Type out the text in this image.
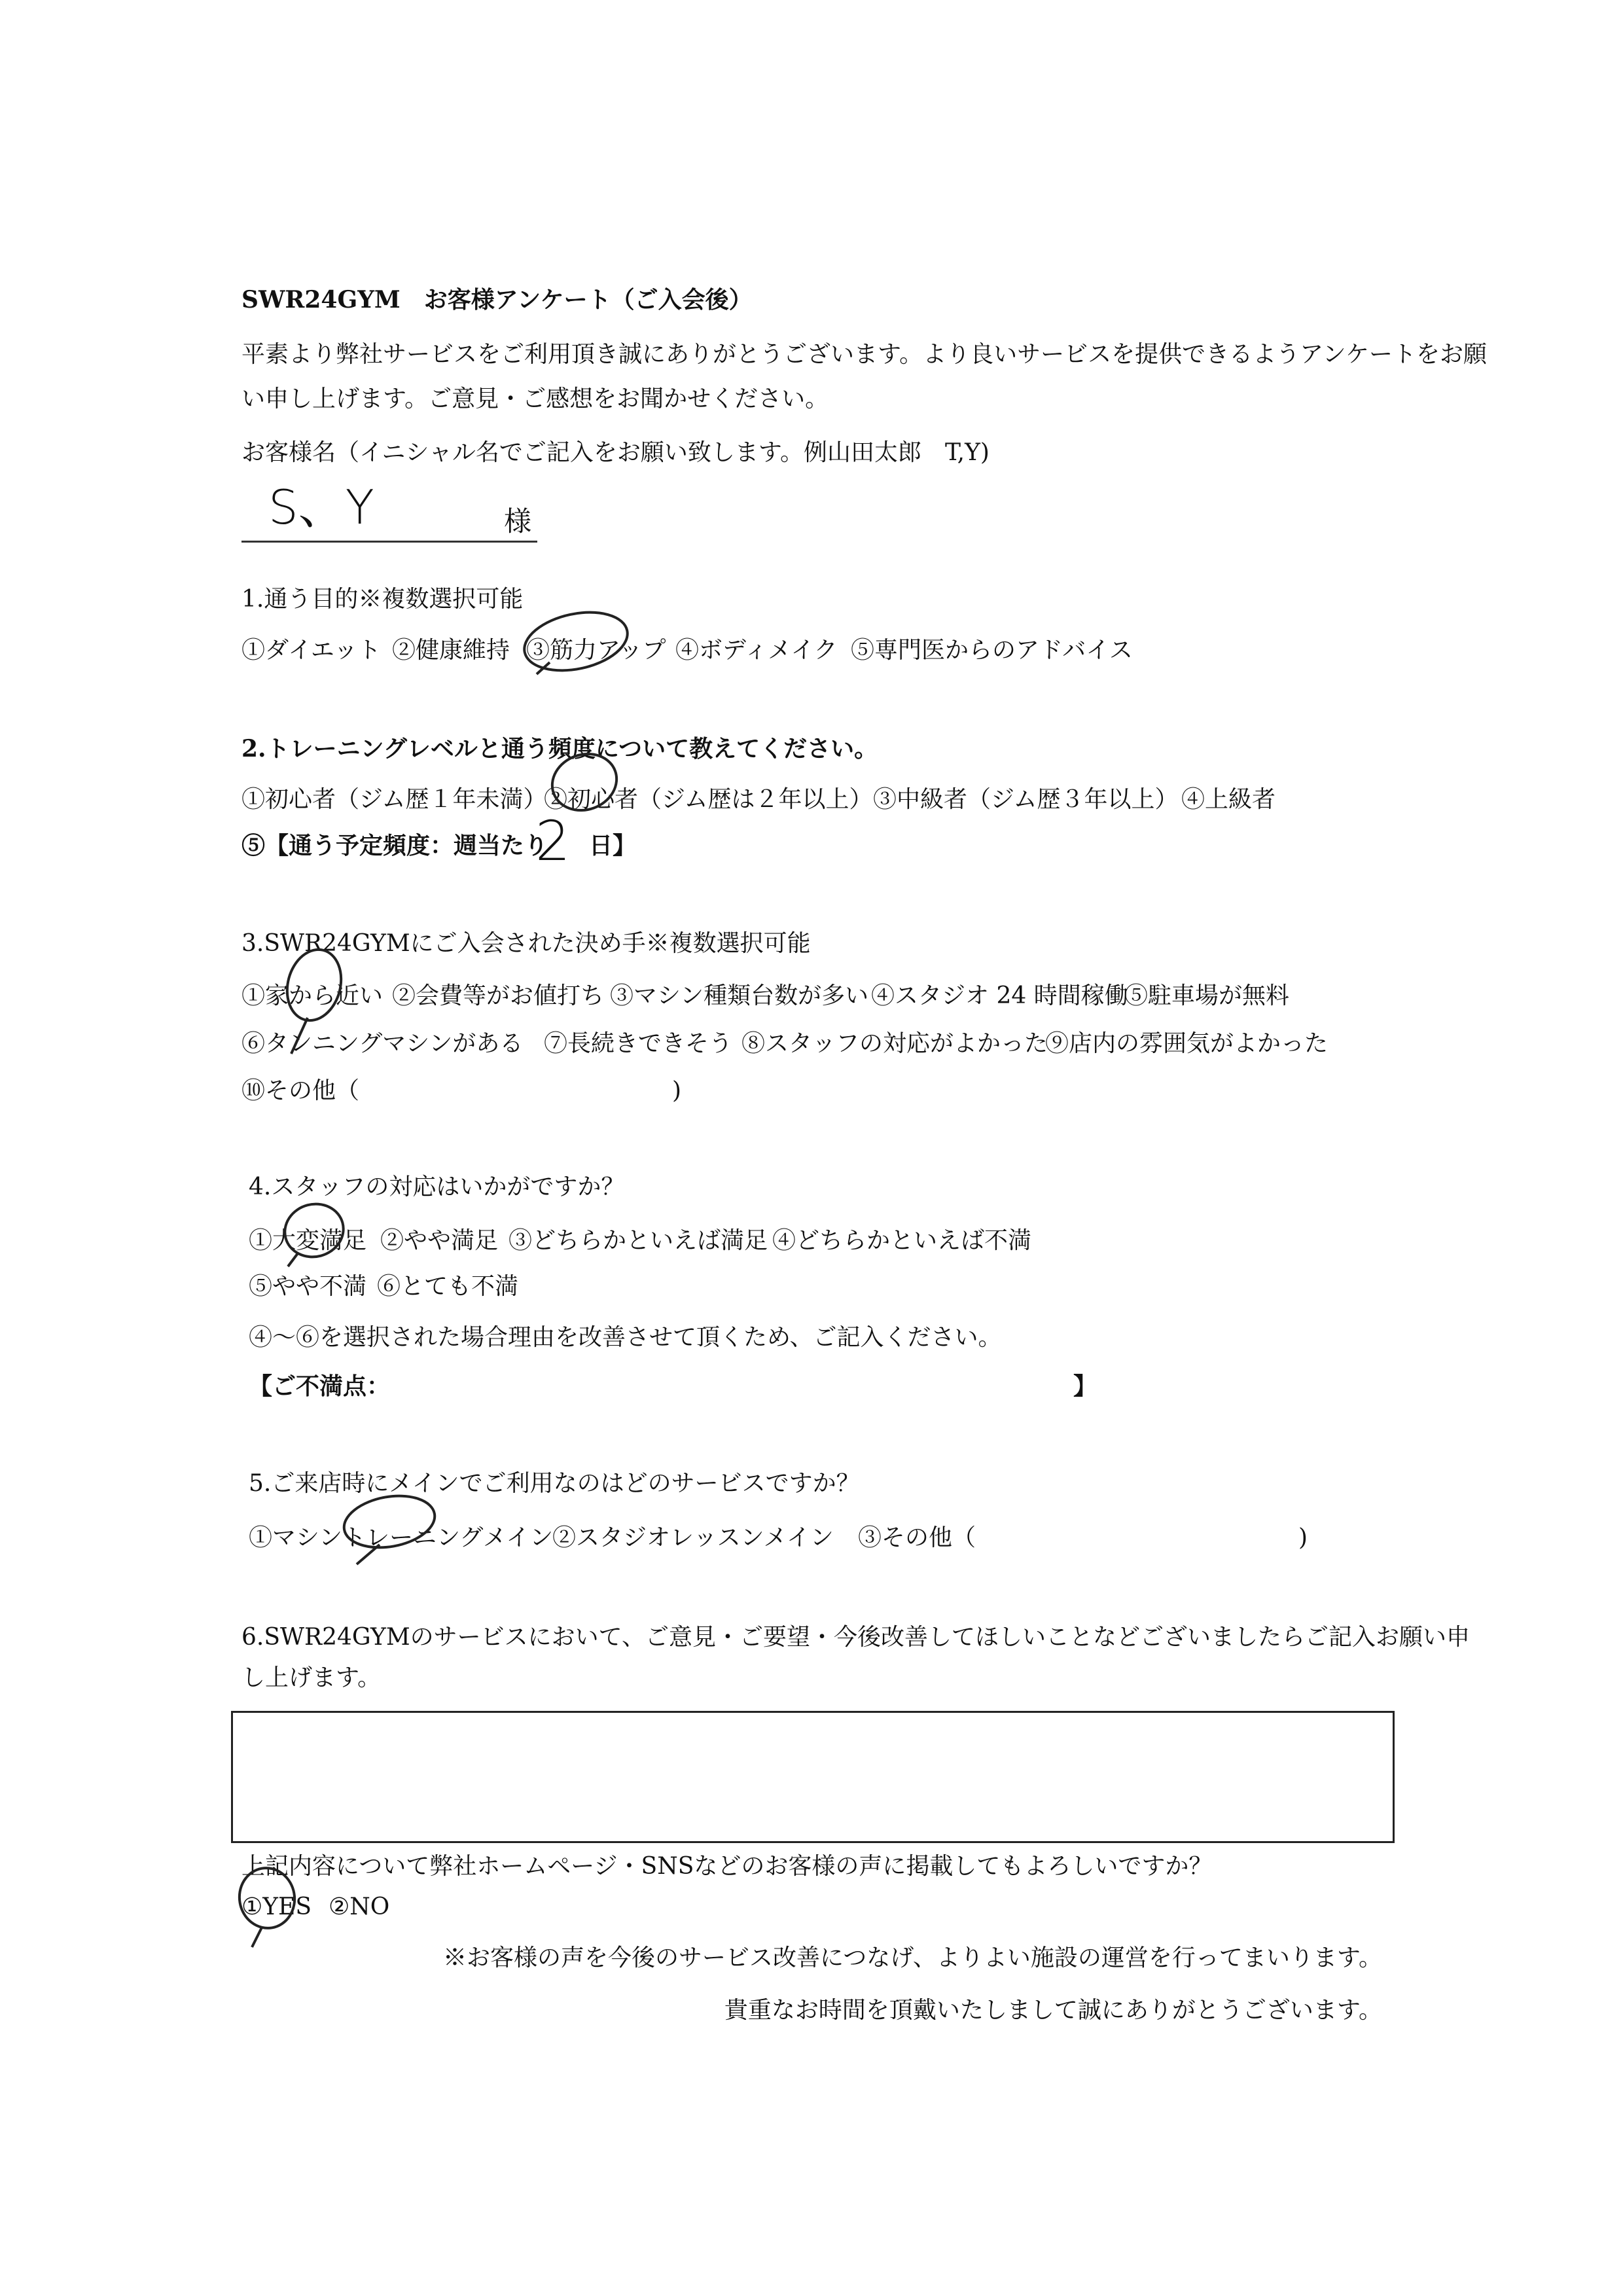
SWR24GYM　お客様アンケート（ご入会後）
平素より弊社サービスをご利用頂き誠にありがとうございます。より良いサービスを提供できるようアンケートをお願
い申し上げます。ご意見・ご感想をお聞かせください。
お客様名（イニシャル名でご記入をお願い致します。例山田太郎　T,Y)
S、Y	様
1.通う目的※複数選択可能
①ダイエット ②健康維持 ③筋力アップ ④ボディメイク ⑤専門医からのアドバイス
2.トレーニングレベルと通う頻度について教えてください。
①初心者（ジム歴１年未満）
②初心者（ジム歴は２年以上） ③中級者（ジム歴３年以上） ④上級者
⑤【通う予定頻度：週当たり
2 日】
3.SWR24GYMにご入会された決め手※複数選択可能
①家から近い ②会費等がお値打ち ③マシン種類台数が多い ④スタジオ 24 時間稼働
⑤駐車場が無料
⑥タンニングマシンがある ⑦長続きできそう ⑧スタッフの対応がよかった
⑨店内の雰囲気がよかった
⑩その他（	)
4.スタッフの対応はいかがですか？
①大変満足 ②やや満足 ③どちらかといえば満足 ④どちらかといえば不満
⑤やや不満 ⑥とても不満
④～⑥を選択された場合理由を改善させて頂くため、ご記入ください。
【ご不満点：	】
5.ご来店時にメインでご利用なのはどのサービスですか？
①マシントレーニングメイン
②スタジオレッスンメイン ③その他（	)
6.SWR24GYMのサービスにおいて、ご意見・ご要望・今後改善してほしいことなどございましたらご記入お願い申
し上げます。
上記内容について弊社ホームページ・SNSなどのお客様の声に掲載してもよろしいですか？
①YES ②NO
※お客様の声を今後のサービス改善につなげ、よりよい施設の運営を行ってまいります。
貴重なお時間を頂戴いたしまして誠にありがとうございます。
